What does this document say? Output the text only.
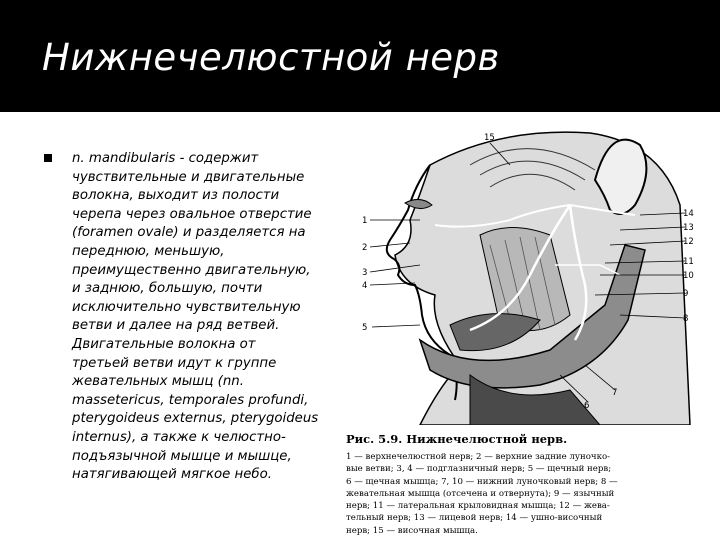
Нижнечелюстной нерв
n. mandibularis - содержит
чувствительные и двигательные
волокна, выходит из полости
черепа через овальное отверстие
(foramen ovale) и разделяется на
переднюю, меньшую,
преимущественно двигательную,
и заднюю, большую, почти
исключительно чувствительную
ветви и далее на ряд ветвей.
Двигательные волокна от
третьей ветви идут к группе
жевательных мышц (nn.
massetericus, temporales profundi,
pterygoideus externus, pterygoideus
internus), а также к челюстно-
подъязычной мышце и мышце,
натягивающей мягкое небо.
15
1
2
3
4
5
14
13
12
11
10
9
8
7
6
Рис. 5.9. Нижнечелюстной нерв.
1 — верхнечелюстной нерв; 2 — верхние задние луночко-
вые ветви; 3, 4 — подглазничный нерв; 5 — щечный нерв;
6 — щечная мышца; 7, 10 — нижний луночковый нерв; 8 —
жевательная мышца (отсечена и отвернута); 9 — язычный
нерв; 11 — латеральная крыловидная мышца; 12 — жева-
тельный нерв; 13 — лицевой нерв; 14 — ушно-височный
нерв; 15 — височная мышца.
